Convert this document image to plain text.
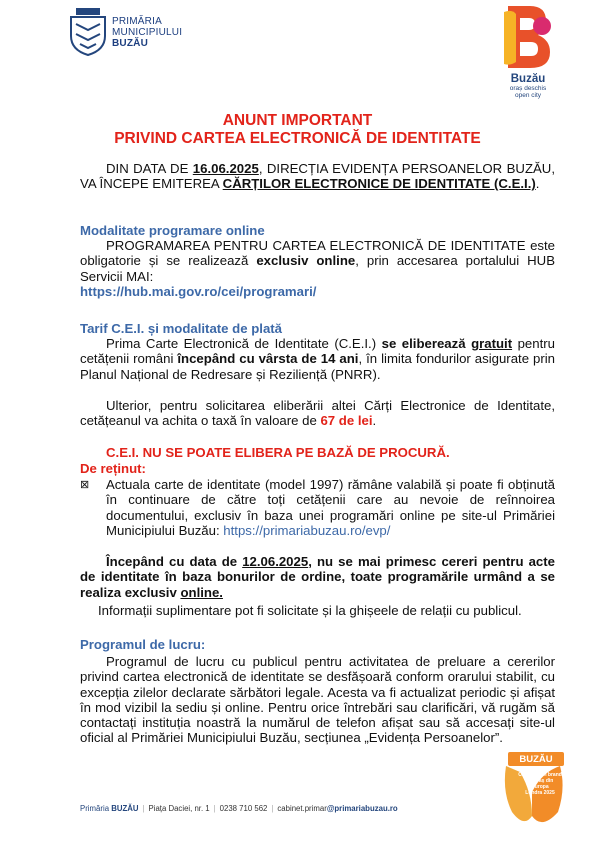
PRIMĂRIA
MUNICIPIULUI
BUZĂU
Buzău
oraș deschis
open city
ANUNT IMPORTANT
PRIVIND CARTEA ELECTRONICĂ DE IDENTITATE
DIN DATA DE 16.06.2025, DIRECȚIA EVIDENȚA PERSOANELOR BUZĂU, VA ÎNCEPE EMITEREA CĂRȚILOR ELECTRONICE DE IDENTITATE (C.E.I.).
Modalitate programare online
PROGRAMAREA PENTRU CARTEA ELECTRONICĂ DE IDENTITATE este obligatorie și se realizează exclusiv online, prin accesarea portalului HUB Servicii MAI:
https://hub.mai.gov.ro/cei/programari/
Tarif C.E.I. și modalitate de plată
Prima Carte Electronică de Identitate (C.E.I.) se eliberează gratuit pentru cetățenii români începând cu vârsta de 14 ani, în limita fondurilor asigurate prin Planul Național de Redresare și Reziliență (PNRR).
Ulterior, pentru solicitarea eliberării altei Cărți Electronice de Identitate, cetățeanul va achita o taxă în valoare de 67 de lei.
C.E.I. NU SE POATE ELIBERA PE BAZĂ DE PROCURĂ.
De reținut:
⊠ Actuala carte de identitate (model 1997) rămâne valabilă și poate fi obținută în continuare de către toți cetățenii care au nevoie de reînnoirea documentului, exclusiv în baza unei programări online pe site-ul Primăriei Municipiului Buzău: https://primariabuzau.ro/evp/
Începând cu data de 12.06.2025, nu se mai primesc cereri pentru acte de identitate în baza bonurilor de ordine, toate programările urmând a se realiza exclusiv online.
Informații suplimentare pot fi solicitate și la ghișeele de relații cu publicul.
Programul de lucru:
Programul de lucru cu publicul pentru activitatea de preluare a cererilor privind cartea electronică de identitate se desfășoară conform orarului stabilit, cu excepția zilelor declarate sărbători legale. Acesta va fi actualizat periodic și afișat în mod vizibil la sediu și online. Pentru orice întrebări sau clarificări, vă rugăm să contactați instituția noastră la numărul de telefon afișat sau să accesați site-ul oficial al Primăriei Municipiului Buzău, secțiunea „Evidența Persoanelor”.
BUZĂU
Cel mai bun brand de oraș din Europa
Londra 2025
Primăria BUZĂU | Piața Daciei, nr. 1 | 0238 710 562 | cabinet.primar@primariabuzau.ro
